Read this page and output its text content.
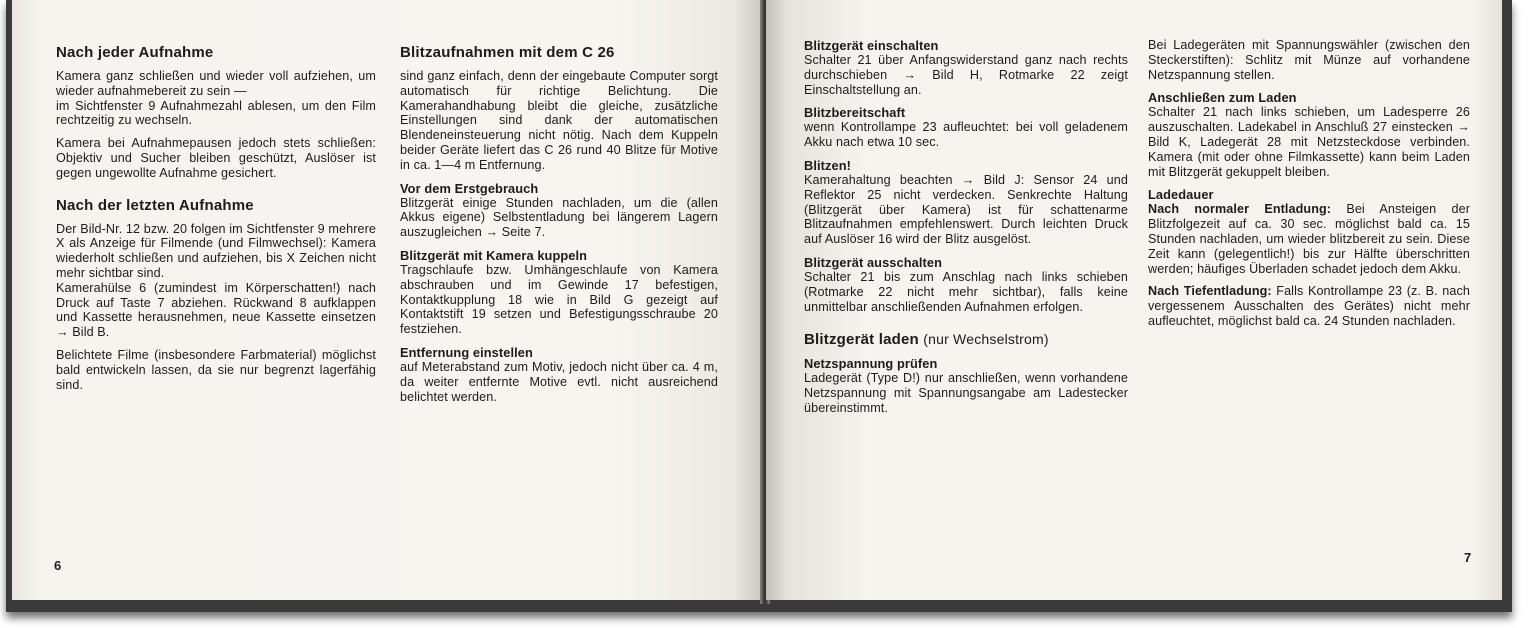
Nach jeder Aufnahme

Kamera ganz schließen und wieder voll aufziehen, um wieder aufnahmebereit zu sein —

im Sichtfenster 9 Aufnahmezahl ablesen, um den Film rechtzeitig zu wechseln.

Kamera bei Aufnahmepausen jedoch stets schließen: Objektiv und Sucher bleiben geschützt, Auslöser ist gegen ungewollte Aufnahme gesichert.

Nach der letzten Aufnahme

Der Bild-Nr. 12 bzw. 20 folgen im Sichtfenster 9 mehrere X als Anzeige für Filmende (und Filmwechsel): Kamera wiederholt schließen und aufziehen, bis X Zeichen nicht mehr sichtbar sind.

Kamerahülse 6 (zumindest im Körperschatten!) nach Druck auf Taste 7 abziehen. Rückwand 8 aufklappen und Kassette herausnehmen, neue Kassette einsetzen → Bild B.

Belichtete Filme (insbesondere Farbmaterial) möglichst bald entwickeln lassen, da sie nur begrenzt lagerfähig sind.

Blitzaufnahmen mit dem C 26

sind ganz einfach, denn der eingebaute Computer sorgt automatisch für richtige Belichtung. Die Kamerahandhabung bleibt die gleiche, zusätzliche Einstellungen sind dank der automatischen Blendeneinsteuerung nicht nötig. Nach dem Kuppeln beider Geräte liefert das C 26 rund 40 Blitze für Motive in ca. 1—4 m Entfernung.

Vor dem Erstgebrauch

Blitzgerät einige Stunden nachladen, um die (allen Akkus eigene) Selbstentladung bei längerem Lagern auszugleichen → Seite 7.

Blitzgerät mit Kamera kuppeln

Tragschlaufe bzw. Umhängeschlaufe von Kamera abschrauben und im Gewinde 17 befestigen, Kontaktkupplung 18 wie in Bild G gezeigt auf Kontaktstift 19 setzen und Befestigungsschraube 20 festziehen.

Entfernung einstellen

auf Meterabstand zum Motiv, jedoch nicht über ca. 4 m, da weiter entfernte Motive evtl. nicht ausreichend belichtet werden.

6
Blitzgerät einschalten

Schalter 21 über Anfangswiderstand ganz nach rechts durchschieben → Bild H, Rotmarke 22 zeigt Einschaltstellung an.

Blitzbereitschaft

wenn Kontrollampe 23 aufleuchtet: bei voll geladenem Akku nach etwa 10 sec.

Blitzen!

Kamerahaltung beachten → Bild J: Sensor 24 und Reflektor 25 nicht verdecken. Senkrechte Haltung (Blitzgerät über Kamera) ist für schattenarme Blitzaufnahmen empfehlenswert. Durch leichten Druck auf Auslöser 16 wird der Blitz ausgelöst.

Blitzgerät ausschalten

Schalter 21 bis zum Anschlag nach links schieben (Rotmarke 22 nicht mehr sichtbar), falls keine unmittelbar anschließenden Aufnahmen erfolgen.

Blitzgerät laden (nur Wechselstrom)
Netzspannung prüfen

Ladegerät (Type D!) nur anschließen, wenn vorhandene Netzspannung mit Spannungsangabe am Ladestecker übereinstimmt.

Bei Ladegeräten mit Spannungswähler (zwischen den Steckerstiften): Schlitz mit Münze auf vorhandene Netzspannung stellen.

Anschließen zum Laden

Schalter 21 nach links schieben, um Ladesperre 26 auszuschalten. Ladekabel in Anschluß 27 einstecken → Bild K, Ladegerät 28 mit Netzsteckdose verbinden. Kamera (mit oder ohne Filmkassette) kann beim Laden mit Blitzgerät gekuppelt bleiben.

Ladedauer

Nach normaler Entladung: Bei Ansteigen der Blitzfolgezeit auf ca. 30 sec. möglichst bald ca. 15 Stunden nachladen, um wieder blitzbereit zu sein. Diese Zeit kann (gelegentlich!) bis zur Hälfte überschritten werden; häufiges Überladen schadet jedoch dem Akku.

Nach Tiefentladung: Falls Kontrollampe 23 (z. B. nach vergessenem Ausschalten des Gerätes) nicht mehr aufleuchtet, möglichst bald ca. 24 Stunden nachladen.

7
